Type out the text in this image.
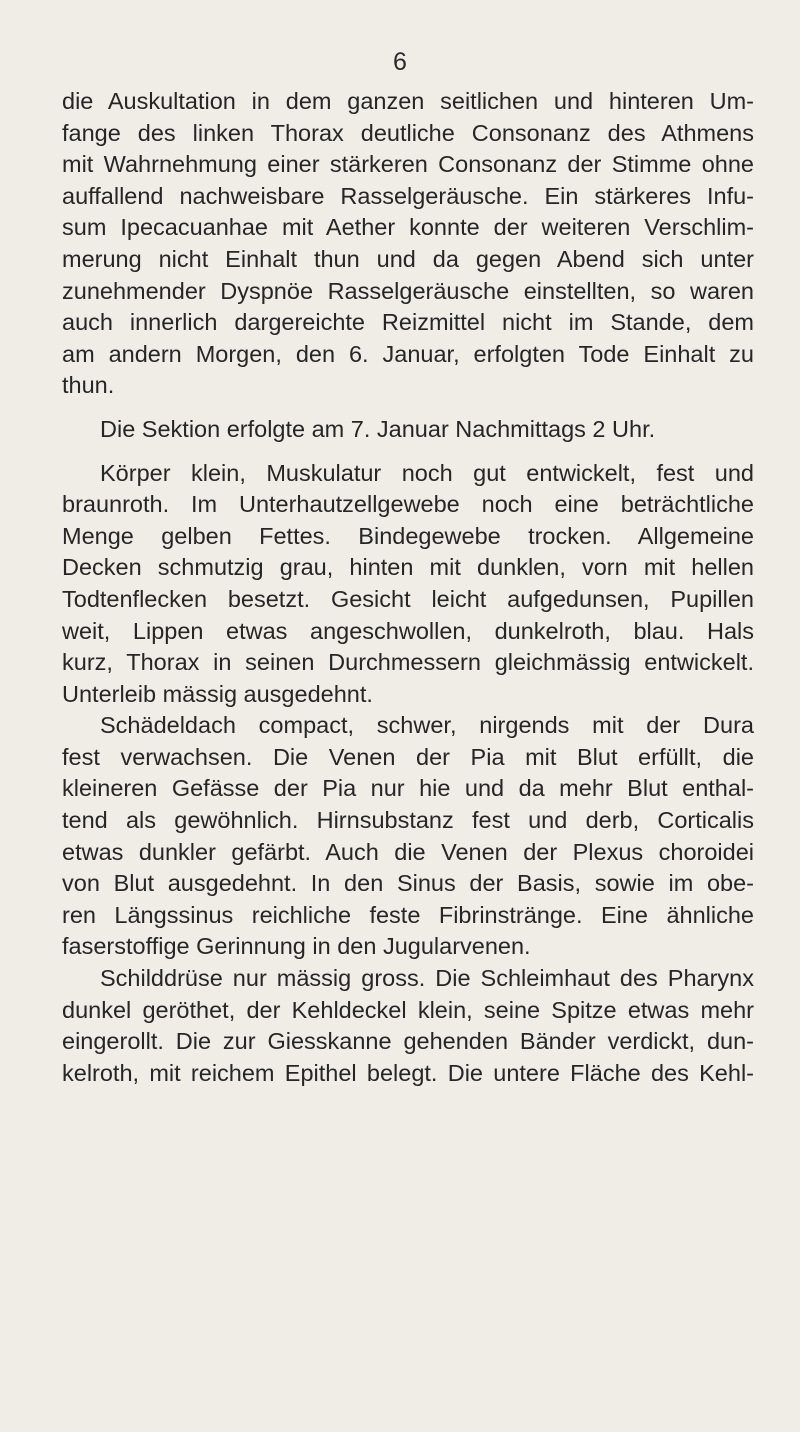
6
die Auskultation in dem ganzen seitlichen und hinteren Um-
fange des linken Thorax deutliche Consonanz des Athmens
mit Wahrnehmung einer stärkeren Consonanz der Stimme ohne
auffallend nachweisbare Rasselgeräusche. Ein stärkeres Infu-
sum Ipecacuanhae mit Aether konnte der weiteren Verschlim-
merung nicht Einhalt thun und da gegen Abend sich unter
zunehmender Dyspnöe Rasselgeräusche einstellten, so waren
auch innerlich dargereichte Reizmittel nicht im Stande, dem
am andern Morgen, den 6. Januar, erfolgten Tode Einhalt zu
thun.
Die Sektion erfolgte am 7. Januar Nachmittags 2 Uhr.
Körper klein, Muskulatur noch gut entwickelt, fest und
braunroth. Im Unterhautzellgewebe noch eine beträchtliche
Menge gelben Fettes. Bindegewebe trocken. Allgemeine
Decken schmutzig grau, hinten mit dunklen, vorn mit hellen
Todtenflecken besetzt. Gesicht leicht aufgedunsen, Pupillen
weit, Lippen etwas angeschwollen, dunkelroth, blau. Hals
kurz, Thorax in seinen Durchmessern gleichmässig entwickelt.
Unterleib mässig ausgedehnt.
Schädeldach compact, schwer, nirgends mit der Dura
fest verwachsen. Die Venen der Pia mit Blut erfüllt, die
kleineren Gefässe der Pia nur hie und da mehr Blut enthal-
tend als gewöhnlich. Hirnsubstanz fest und derb, Corticalis
etwas dunkler gefärbt. Auch die Venen der Plexus choroidei
von Blut ausgedehnt. In den Sinus der Basis, sowie im obe-
ren Längssinus reichliche feste Fibrinstränge. Eine ähnliche
faserstoffige Gerinnung in den Jugularvenen.
Schilddrüse nur mässig gross. Die Schleimhaut des Pharynx
dunkel geröthet, der Kehldeckel klein, seine Spitze etwas mehr
eingerollt. Die zur Giesskanne gehenden Bänder verdickt, dun-
kelroth, mit reichem Epithel belegt. Die untere Fläche des Kehl-
